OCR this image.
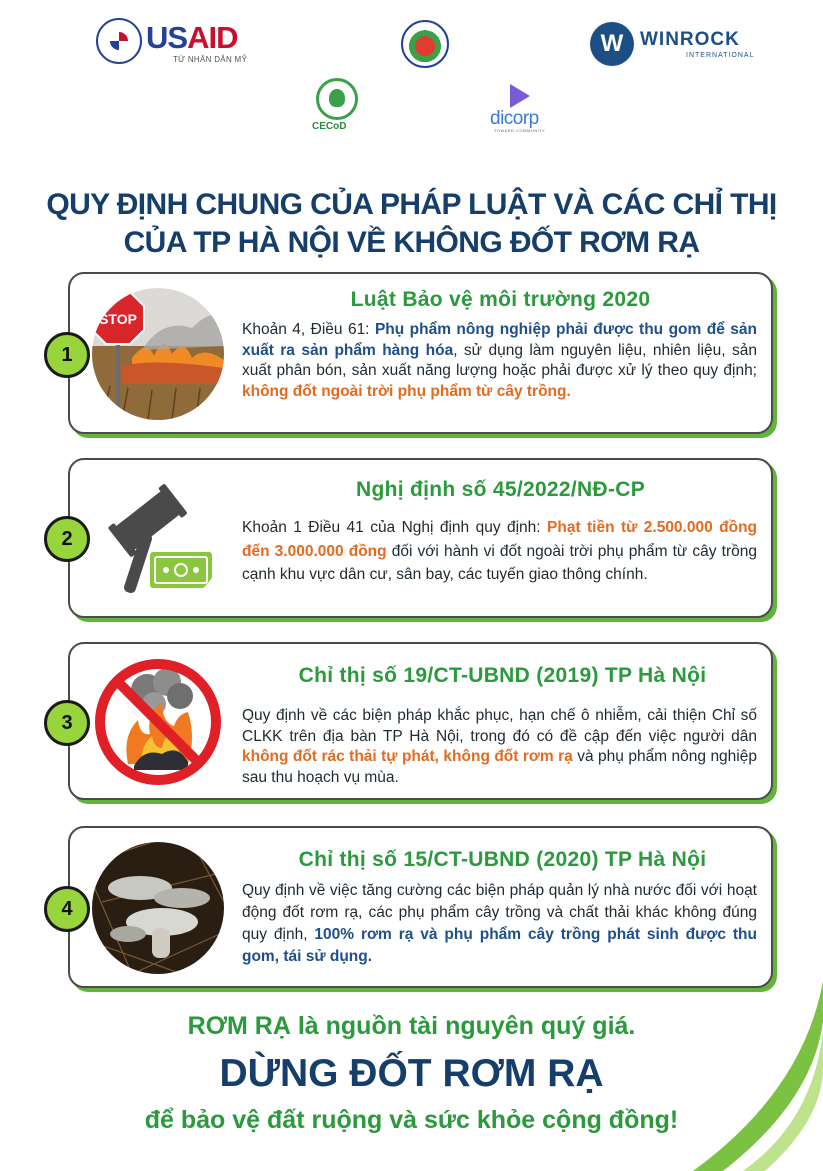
USAID
TỪ NHÂN DÂN MỸ
W WINROCK
INTERNATIONAL
CECoD	dicorp
TOWARD COMMUNITY
QUY ĐỊNH CHUNG CỦA PHÁP LUẬT VÀ CÁC CHỈ THỊ
CỦA TP HÀ NỘI VỀ KHÔNG ĐỐT RƠM RẠ
1
STOP
Luật Bảo vệ môi trường 2020
Khoản 4, Điều 61: Phụ phẩm nông nghiệp phải được thu gom để sản xuất ra sản phẩm hàng hóa, sử dụng làm nguyên liệu, nhiên liệu, sản xuất phân bón, sản xuất năng lượng hoặc phải được xử lý theo quy định; không đốt ngoài trời phụ phẩm từ cây trồng.
2
Nghị định số 45/2022/NĐ-CP
Khoản 1 Điều 41 của Nghị định quy định: Phạt tiền từ 2.500.000 đồng đến 3.000.000 đồng đối với hành vi đốt ngoài trời phụ phẩm từ cây trồng cạnh khu vực dân cư, sân bay, các tuyến giao thông chính.
3
Chỉ thị số 19/CT-UBND (2019) TP Hà Nội
Quy định về các biện pháp khắc phục, hạn chế ô nhiễm, cải thiện Chỉ số CLKK trên địa bàn TP Hà Nội, trong đó có đề cập đến việc người dân không đốt rác thải tự phát, không đốt rơm rạ và phụ phẩm nông nghiệp sau thu hoạch vụ mùa.
4
Chỉ thị số 15/CT-UBND (2020) TP Hà Nội
Quy định về việc tăng cường các biện pháp quản lý nhà nước đối với hoạt động đốt rơm rạ, các phụ phẩm cây trồng và chất thải khác không đúng quy định, 100% rơm rạ và phụ phẩm cây trồng phát sinh được thu gom, tái sử dụng.
RƠM RẠ là nguồn tài nguyên quý giá.
DỪNG ĐỐT RƠM RẠ
để bảo vệ đất ruộng và sức khỏe cộng đồng!
